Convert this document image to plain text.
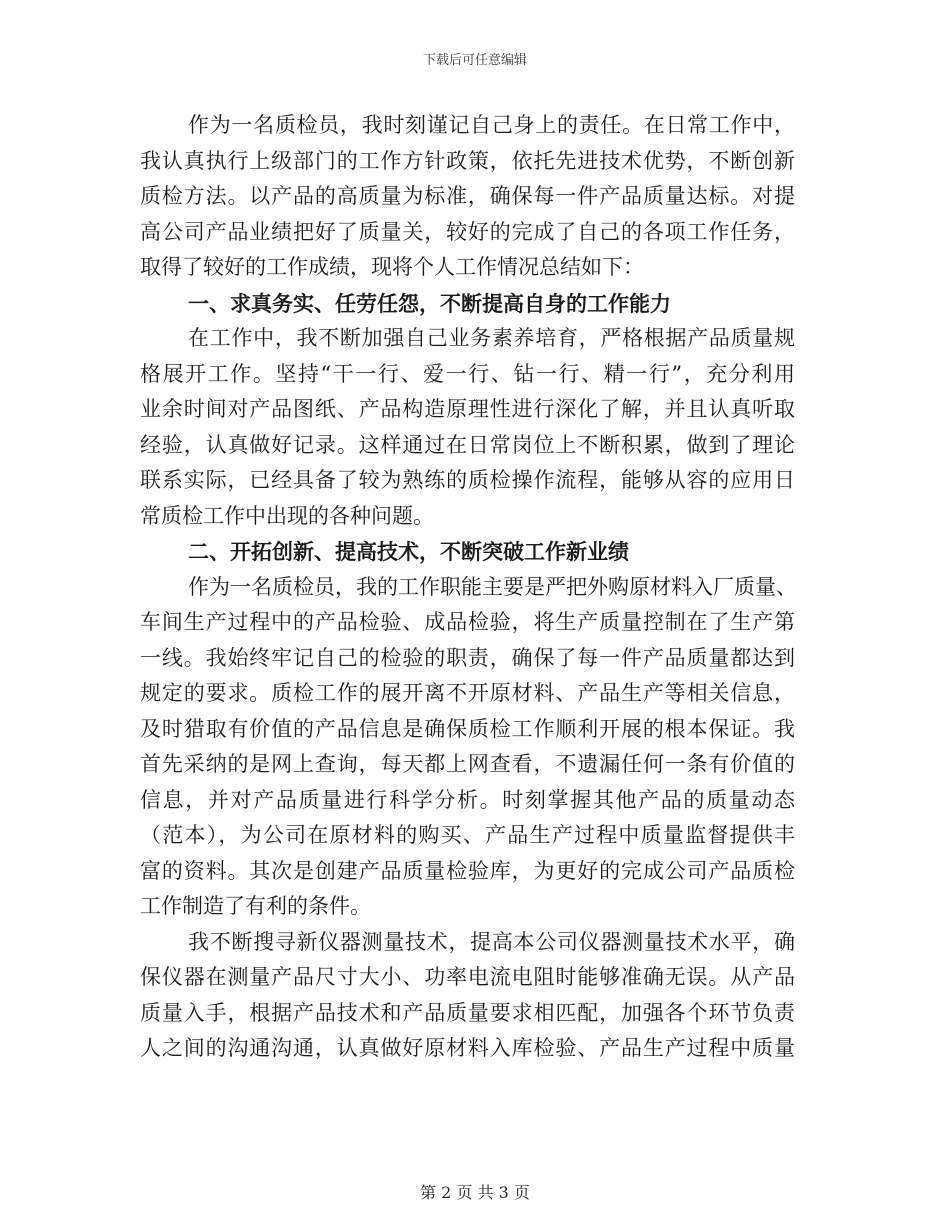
下载后可任意编辑
作为一名质检员，我时刻谨记自己身上的责任。在日常工作中，
我认真执行上级部门的工作方针政策，依托先进技术优势，不断创新
质检方法。以产品的高质量为标准，确保每一件产品质量达标。对提
高公司产品业绩把好了质量关，较好的完成了自己的各项工作任务，
取得了较好的工作成绩，现将个人工作情况总结如下：
一、求真务实、任劳任怨，不断提高自身的工作能力
在工作中，我不断加强自己业务素养培育，严格根据产品质量规
格展开工作。坚持“干一行、爱一行、钻一行、精一行”，充分利用
业余时间对产品图纸、产品构造原理性进行深化了解，并且认真听取
经验，认真做好记录。这样通过在日常岗位上不断积累，做到了理论
联系实际，已经具备了较为熟练的质检操作流程，能够从容的应用日
常质检工作中出现的各种问题。
二、开拓创新、提高技术，不断突破工作新业绩
作为一名质检员，我的工作职能主要是严把外购原材料入厂质量、
车间生产过程中的产品检验、成品检验，将生产质量控制在了生产第
一线。我始终牢记自己的检验的职责，确保了每一件产品质量都达到
规定的要求。质检工作的展开离不开原材料、产品生产等相关信息，
及时猎取有价值的产品信息是确保质检工作顺利开展的根本保证。我
首先采纳的是网上查询，每天都上网查看，不遗漏任何一条有价值的
信息，并对产品质量进行科学分析。时刻掌握其他产品的质量动态
（范本），为公司在原材料的购买、产品生产过程中质量监督提供丰
富的资料。其次是创建产品质量检验库，为更好的完成公司产品质检
工作制造了有利的条件。
我不断搜寻新仪器测量技术，提高本公司仪器测量技术水平，确
保仪器在测量产品尺寸大小、功率电流电阻时能够准确无误。从产品
质量入手，根据产品技术和产品质量要求相匹配，加强各个环节负责
人之间的沟通沟通，认真做好原材料入库检验、产品生产过程中质量
第 2 页 共 3 页
